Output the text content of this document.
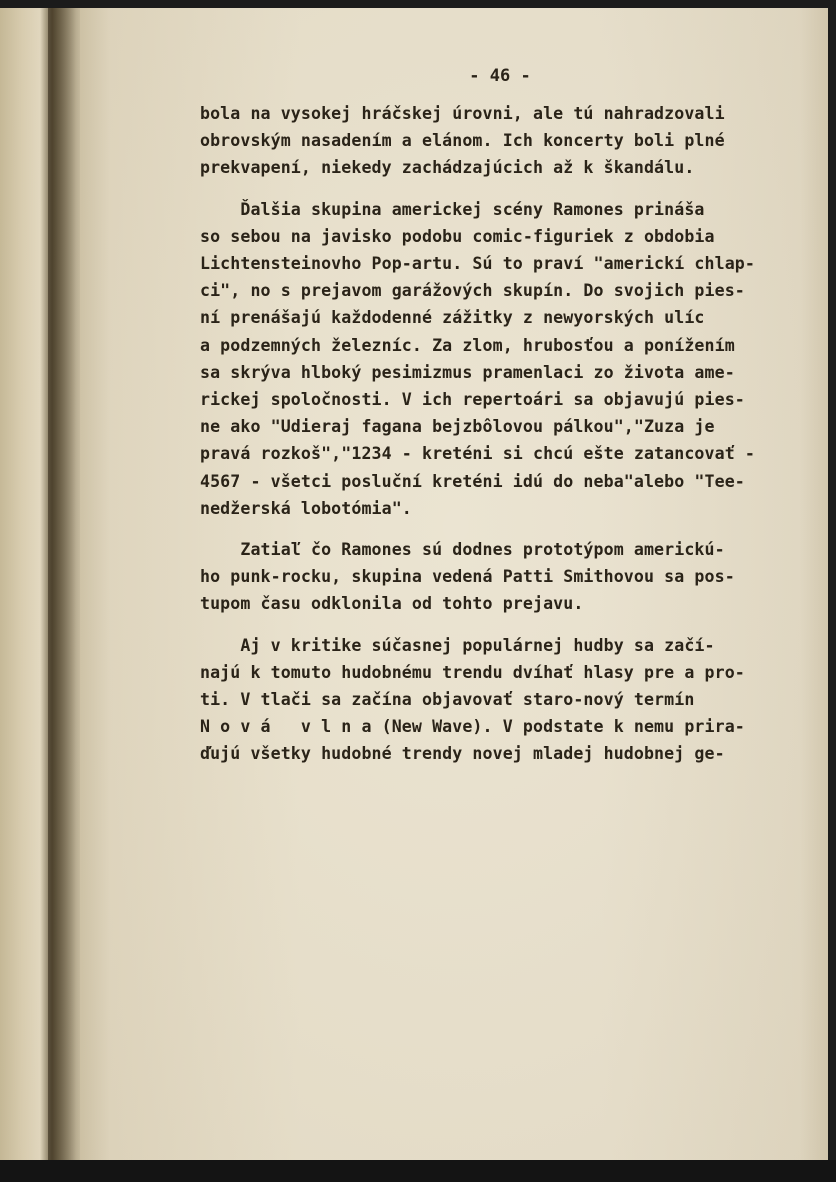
- 46 -
bola na vysokej hráčskej úrovni, ale tú nahradzovali
obrovským nasadením a elánom. Ich koncerty boli plné
prekvapení, niekedy zachádzajúcich až k škandálu.
Ďalšia skupina americkej scény Ramones prináša
so sebou na javisko podobu comic-figuriek z obdobia
Lichtensteinovho Pop-artu. Sú to praví "americkí chlap-
ci", no s prejavom garážových skupín. Do svojich pies-
ní prenášajú každodenné zážitky z newyorských ulíc
a podzemných železníc. Za zlom, hrubosťou a ponížením
sa skrýva hlboký pesimizmus pramenlaci zo života ame-
rickej spoločnosti. V ich repertoári sa objavujú pies-
ne ako "Udieraj fagana bejzbôlovou pálkou","Zuza je
pravá rozkoš","1234 - kreténi si chcú ešte zatancovať -
4567 - všetci posluční kreténi idú do neba"alebo "Tee-
nedžerská lobotómia".
Zatiaľ čo Ramones sú dodnes prototýpom americkú-
ho punk-rocku, skupina vedená Patti Smithovou sa pos-
tupom času odklonila od tohto prejavu.
Aj v kritike súčasnej populárnej hudby sa začí-
najú k tomuto hudobnému trendu dvíhať hlasy pre a pro-
ti. V tlači sa začína objavovať staro-nový termín
N o v á   v l n a (New Wave). V podstate k nemu prira-
ďujú všetky hudobné trendy novej mladej hudobnej ge-
